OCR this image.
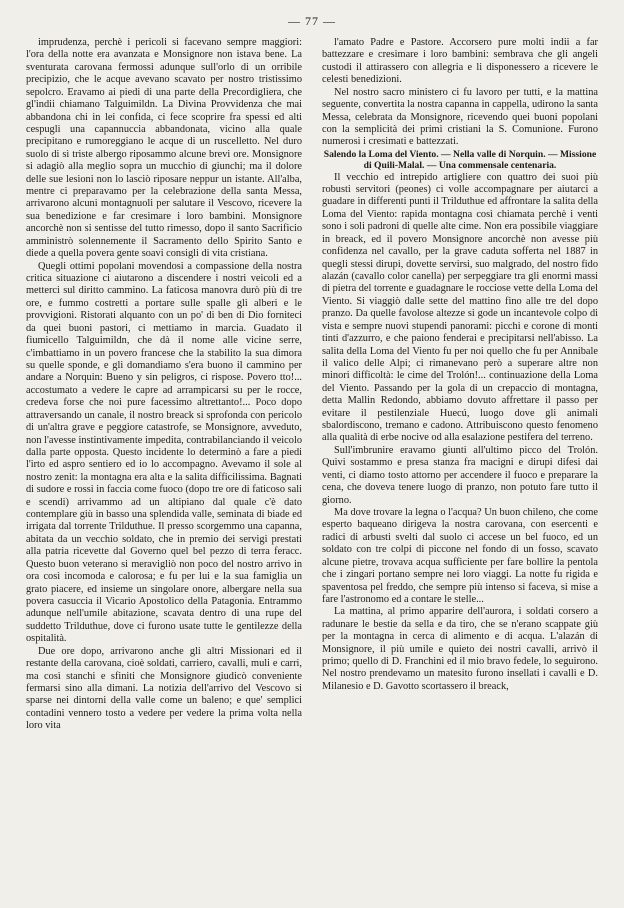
— 77 —

imprudenza, perchè i pericoli si facevano sempre maggiori: l'ora della notte era avanzata e Monsignore non istava bene. La sventurata carovana fermossi adunque sull'orlo di un orribile precipizio, che le acque avevano scavato per nostro tristissimo sepolcro. Eravamo ai piedi di una parte della Precordigliera, che gl'indii chiamano Talguimildn. La Divina Provvidenza che mai abbandona chi in lei confida, ci fece scoprire fra spessi ed alti cespugli una capannuccia abbandonata, vicino alla quale precipitano e rumoreggiano le acque di un ruscelletto. Nel duro suolo di sì triste albergo riposammo alcune brevi ore. Monsignore si adagiò alla meglio sopra un mucchio di giunchi; ma il dolore delle sue lesioni non lo lasciò riposare neppur un istante. All'alba, mentre ci preparavamo per la celebrazione della santa Messa, arrivarono alcuni montagnuoli per salutare il Vescovo, ricevere la sua benedizione e far cresimare i loro bambini. Monsignore ancorchè non si sentisse del tutto rimesso, dopo il santo Sacrificio amministrò solennemente il Sacramento dello Spirito Santo e diede a quella povera gente soavi consigli di vita cristiana.

Quegli ottimi popolani movendosi a compassione della nostra critica situazione ci aiutarono a discendere i nostri veicoli ed a metterci sul diritto cammino. La faticosa manovra durò più di tre ore, e fummo costretti a portare sulle spalle gli alberi e le provvigioni. Ristorati alquanto con un po' di ben di Dio forniteci da quei buoni pastori, ci mettiamo in marcia. Guadato il fiumicello Talguimildn, che dà il nome alle vicine serre, c'imbattiamo in un povero francese che la stabilito la sua dimora su quelle sponde, e gli domandiamo s'era buono il cammino per andare a Norquin: Bueno y sin peligros, ci rispose. Povero tto!... accostumato a vedere le capre ad arrampicarsi su per le rocce, credeva forse che noi pure facessimo altrettanto!... Poco dopo attraversando un canale, il nostro breack si sprofonda con pericolo di un'altra grave e peggiore catastrofe, se Monsignore, avveduto, non l'avesse instintivamente impedita, contrabilanciando il veicolo dalla parte opposta. Questo incidente lo determinò a fare a piedi l'irto ed aspro sentiero ed io lo accompagno. Avevamo il sole al nostro zenit: la montagna era alta e la salita difficilissima. Bagnati di sudore e rossi in faccia come fuoco (dopo tre ore di faticoso sali e scendi) arrivammo ad un altipiano dal quale c'è dato contemplare giù in basso una splendida valle, seminata di biade ed irrigata dal torrente Trilduthue. Il presso scorgemmo una capanna, abitata da un vecchio soldato, che in premio dei servigi prestati alla patria ricevette dal Governo quel bel pezzo di terra feracc. Questo buon veterano si meravigliò non poco del nostro arrivo in ora così incomoda e calorosa; e fu per lui e la sua famiglia un grato piacere, ed insieme un singolare onore, albergare nella sua povera casuccia il Vicario Apostolico della Patagonia. Entrammo adunque nell'umile abitazione, scavata dentro di una rupe del suddetto Trilduthue, dove ci furono usate tutte le gentilezze della ospitalità.

Due ore dopo, arrivarono anche gli altri Missionari ed il restante della carovana, cioè soldati, carriero, cavalli, muli e carri, ma così stanchi e sfiniti che Monsignore giudicò conveniente fermarsi sino alla dimani. La notizia dell'arrivo del Vescovo si sparse nei dintorni della valle come un baleno; e que' semplici contadini vennero tosto a vedere per vedere la prima volta nella loro vita

l'amato Padre e Pastore. Accorsero pure molti indii a far battezzare e cresimare i loro bambini: sembrava che gli angeli custodi il attirassero con allegria e li disponessero a ricevere le celesti benedizioni.

Nel nostro sacro ministero ci fu lavoro per tutti, e la mattina seguente, convertita la nostra capanna in cappella, udirono la santa Messa, celebrata da Monsignore, ricevendo quei buoni popolani con la semplicità dei primi cristiani la S. Comunione. Furono numerosi i cresimati e battezzati.

Salendo la Loma del Viento. — Nella valle di Norquin. — Missione di Quili-Malal. — Una commensale centenaria.

Il vecchio ed intrepido artigliere con quattro dei suoi più robusti servitori (peones) ci volle accompagnare per aiutarci a guadare in differenti punti il Trilduthue ed affrontare la salita della Loma del Viento: rapida montagna così chiamata perchè i venti sono i soli padroni di quelle alte cime. Non era possibile viaggiare in breack, ed il povero Monsignore ancorchè non avesse più confidenza nel cavallo, per la grave caduta sofferta nel 1887 in quegli stessi dirupi, dovette servirsi, suo malgrado, del nostro fido alazán (cavallo color canella) per serpeggiare tra gli enormi massi di pietra del torrente e guadagnare le rocciose vette della Loma del Viento. Si viaggiò dalle sette del mattino fino alle tre del dopo pranzo. Da quelle favolose altezze si gode un incantevole colpo di vista e sempre nuovi stupendi panorami: picchi e corone di monti tinti d'azzurro, e che paiono fenderai e precipitarsi nell'abisso. La salita della Loma del Viento fu per noi quello che fu per Annibale il valico delle Alpi; ci rimanevano però a superare altre non minori difficoltà: le cime del Trolón!... continuazione della Loma del Viento. Passando per la gola di un crepaccio di montagna, detta Mallin Redondo, abbiamo dovuto affrettare il passo per evitare il pestilenziale Huecú, luogo dove gli animali sbalordiscono, tremano e cadono. Attribuiscono questo fenomeno alla qualità di erbe nocive od alla esalazione pestifera del terreno.

Sull'imbrunire eravamo giunti all'ultimo picco del Trolón. Quivi sostammo e presa stanza fra macigni e dirupi difesi dai venti, ci diamo tosto attorno per accendere il fuoco e preparare la cena, che doveva tenere luogo di pranzo, non potuto fare tutto il giorno.

Ma dove trovare la legna o l'acqua? Un buon chileno, che come esperto baqueano dirigeva la nostra carovana, con esercenti e radici di arbusti svelti dal suolo ci accese un bel fuoco, ed un soldato con tre colpi di piccone nel fondo di un fosso, scavato alcune pietre, trovava acqua sufficiente per fare bollire la pentola che i zingari portano sempre nei loro viaggi. La notte fu rigida e spaventosa pel freddo, che sempre più intenso si faceva, si mise a fare l'astronomo ed a contare le stelle...

La mattina, al primo apparire dell'aurora, i soldati corsero a radunare le bestie da sella e da tiro, che se n'erano scappate giù per la montagna in cerca di alimento e di acqua. L'alazán di Monsignore, il più umile e quieto dei nostri cavalli, arrivò il primo; quello di D. Franchini ed il mio bravo fedele, lo seguirono. Nel nostro prendevamo un matesito furono insellati i cavalli e D. Milanesio e D. Gavotto scortassero il breack,
